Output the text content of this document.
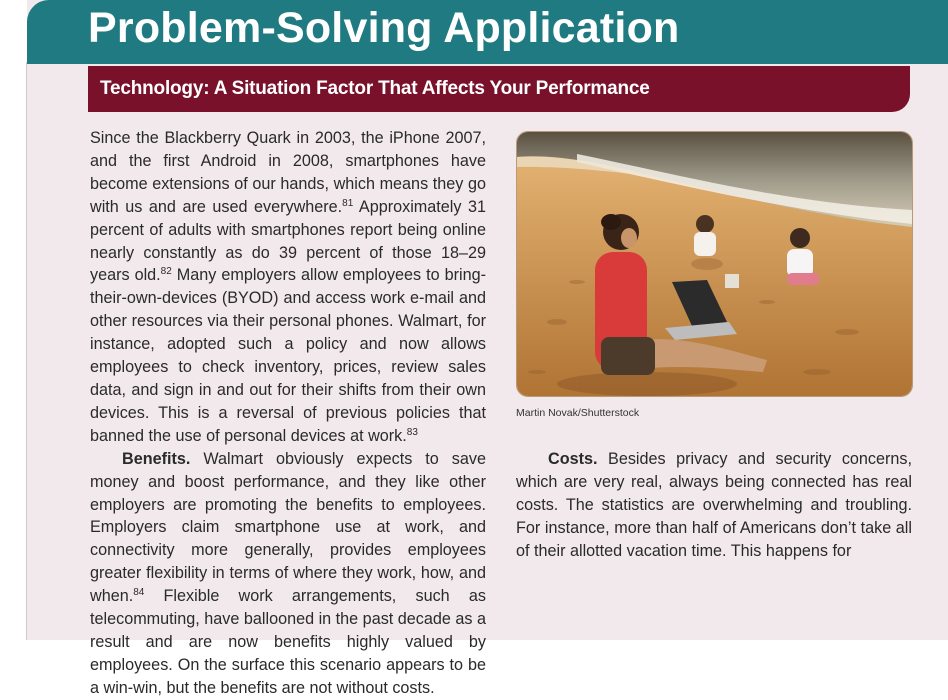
Problem-Solving Application
Technology: A Situation Factor That Affects Your Performance

Since the Blackberry Quark in 2003, the iPhone 2007, and the first Android in 2008, smartphones have become extensions of our hands, which means they go with us and are used everywhere.$^{81}$ Approximately 31 percent of adults with smartphones report being online nearly constantly as do 39 percent of those 18–29 years old.$^{82}$ Many employers allow employees to bring-their-own-devices (BYOD) and access work e-mail and other resources via their personal phones. Walmart, for instance, adopted such a policy and now allows employees to check inventory, prices, review sales data, and sign in and out for their shifts from their own devices. This is a reversal of previous policies that banned the use of personal devices at work.$^{83}$

Benefits. Walmart obviously expects to save money and boost performance, and they like other employers are promoting the benefits to employees. Employers claim smartphone use at work, and connectivity more generally, provides employees greater flexibility in terms of where they work, how, and when.$^{84}$ Flexible work arrangements, such as telecommuting, have ballooned in the past decade as a result and are now benefits highly valued by employees. On the surface this scenario appears to be a win-win, but the benefits are not without costs.

Martin Novak/Shutterstock

Costs. Besides privacy and security concerns, which are very real, always being connected has real costs. The statistics are overwhelming and troubling. For instance, more than half of Americans don’t take all of their allotted vacation time. This happens for
